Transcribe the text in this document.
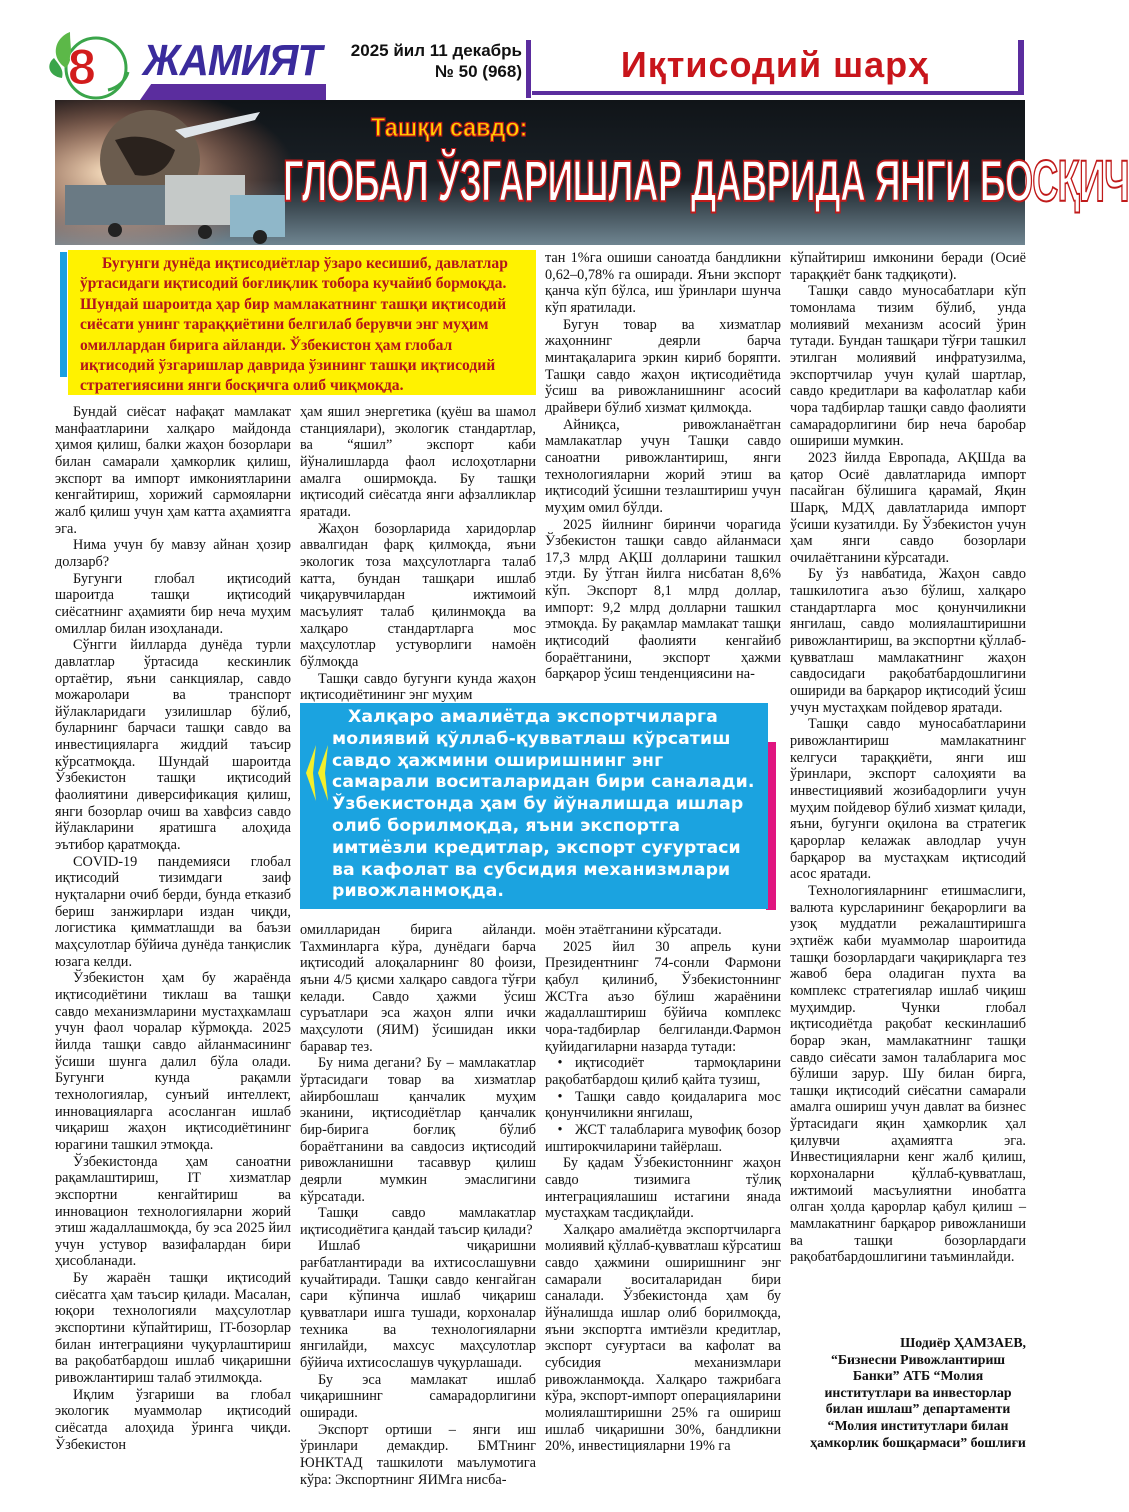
8 ЖАМИЯТ	2025 йил 11 декабрь
№ 50 (968)	Иқтисодий шарҳ
Ташқи савдо:
ГЛОБАЛ ЎЗГАРИШЛАР ДАВРИДА ЯНГИ БОСҚИЧ
Бугунги дунёда иқтисодиётлар ўзаро кесишиб, давлатлар ўртасидаги иқтисодий боғлиқлик тобора кучайиб бормоқда. Шундай шароитда ҳар бир мамлакатнинг ташқи иқтисодий сиёсати унинг тараққиётини белгилаб берувчи энг муҳим омиллардан бирига айланди. Ўзбекистон ҳам глобал иқтисодий ўзгаришлар даврида ўзининг ташқи иқтисодий стратегиясини янги босқичга олиб чиқмоқда.

Бундай сиёсат нафақат мамлакат манфаатларини халқаро майдонда ҳимоя қилиш, балки жаҳон бозорлари билан самарали ҳамкорлик қилиш, экспорт ва импорт имкониятларини кенгайтириш, хорижий сармояларни жалб қилиш учун ҳам катта аҳамиятга эга.

Нима учун бу мавзу айнан ҳозир долзарб?

Бугунги глобал иқтисодий шароитда ташқи иқтисодий сиёсатнинг аҳамияти бир неча муҳим омиллар билан изоҳланади.

Сўнгги йилларда дунёда турли давлатлар ўртасида кескинлик ортаётир, яъни санкциялар, савдо можаролари ва транспорт йўлакларидаги узилишлар бўлиб, буларнинг барчаси ташқи савдо ва инвестицияларга жиддий таъсир кўрсатмоқда. Шундай шароитда Ўзбекистон ташқи иқтисодий фаолиятини диверсификация қилиш, янги бозорлар очиш ва хавфсиз савдо йўлакларини яратишга алоҳида эътибор қаратмоқда.

COVID-19 пандемияси глобал иқтисодий тизимдаги заиф нуқталарни очиб берди, бунда етказиб бериш занжирлари издан чиқди, логистика қимматлашди ва баъзи маҳсулотлар бўйича дунёда танқислик юзага келди.

Ўзбекистон ҳам бу жараёнда иқтисодиётини тиклаш ва ташқи савдо механизмларини мустаҳкамлаш учун фаол чоралар кўрмоқда. 2025 йилда ташқи савдо айланмасининг ўсиши шунга далил бўла олади. Бугунги кунда рақамли технологиялар, сунъий интеллект, инновацияларга асосланган ишлаб чиқариш жаҳон иқтисодиётининг юрагини ташкил этмоқда.

Ўзбекистонда ҳам саноатни рақамлаштириш, IT хизматлар экспортни кенгайтириш ва инновацион технологияларни жорий этиш жадаллашмоқда, бу эса 2025 йил учун устувор вазифалардан бири ҳисобланади.

Бу жараён ташқи иқтисодий сиёсатга ҳам таъсир қилади. Масалан, юқори технологияли маҳсулотлар экспортини кўпайтириш, IT-бозорлар билан интеграцияни чуқурлаштириш ва рақобатбардош ишлаб чиқаришни ривожлантириш талаб этилмоқда.

Иқлим ўзгариши ва глобал экологик муаммолар иқтисодий сиёсатда алоҳида ўринга чиқди. Ўзбекистон

ҳам яшил энергетика (қуёш ва шамол станциялари), экологик стандартлар, ва “яшил” экспорт каби йўналишларда фаол ислоҳотларни амалга оширмоқда. Бу ташқи иқтисодий сиёсатда янги афзалликлар яратади.

Жаҳон бозорларида харидорлар аввалгидан фарқ қилмоқда, яъни экологик тоза маҳсулотларга талаб катта, бундан ташқари ишлаб чиқарувчилардан ижтимоий масъулият талаб қилинмоқда ва халқаро стандартларга мос маҳсулотлар устуворлиги намоён бўлмоқда

Ташқи савдо бугунги кунда жаҳон иқтисодиётининг энг муҳим

омилларидан бирига айланди. Тахминларга кўра, дунёдаги барча иқтисодий алоқаларнинг 80 фоизи, яъни 4/5 қисми халқаро савдога тўғри келади. Савдо ҳажми ўсиш суръатлари эса жаҳон ялпи ички маҳсулоти (ЯИМ) ўсишидан икки баравар тез.

Бу нима дегани? Бу – мамлакатлар ўртасидаги товар ва хизматлар айирбошлаш қанчалик муҳим эканини, иқтисодиётлар қанчалик бир-бирига боғлиқ бўлиб бораётганини ва савдосиз иқтисодий ривожланишни тасаввур қилиш деярли мумкин эмаслигини кўрсатади.

Ташқи савдо мамлакатлар иқтисодиётига қандай таъсир қилади?

Ишлаб чиқаришни рағбатлантиради ва ихтисослашувни кучайтиради. Ташқи савдо кенгайган сари кўпинча ишлаб чиқариш қувватлари ишга тушади, корхоналар техника ва технологияларни янгилайди, махсус маҳсулотлар бўйича ихтисослашув чуқурлашади.

Бу эса мамлакат ишлаб чиқаришнинг самарадорлигини оширади.

Экспорт ортиши – янги иш ўринлари демакдир. БМТнинг ЮНКТАД ташкилоти маълумотига кўра: Экспортнинг ЯИМга нисба-

тан 1%га ошиши саноатда бандликни 0,62–0,78% га оширади. Яъни экспорт қанча кўп бўлса, иш ўринлари шунча кўп яратилади.

Бугун товар ва хизматлар жаҳоннинг деярли барча минтақаларига эркин кириб боряпти. Ташқи савдо жаҳон иқтисодиётида ўсиш ва ривожланишнинг асосий драйвери бўлиб хизмат қилмоқда.

Айниқса, ривожланаётган мамлакатлар учун Ташқи савдо саноатни ривожлантириш, янги технологияларни жорий этиш ва иқтисодий ўсишни тезлаштириш учун муҳим омил бўлди.

2025 йилнинг биринчи чорагида Ўзбекистон ташқи савдо айланмаси 17,3 млрд АҚШ долларини ташкил этди. Бу ўтган йилга нисбатан 8,6% кўп. Экспорт 8,1 млрд доллар, импорт: 9,2 млрд долларни ташкил этмоқда. Бу рақамлар мамлакат ташқи иқтисодий фаолияти кенгайиб бораётганини, экспорт ҳажми барқарор ўсиш тенденциясини на-

моён этаётганини кўрсатади.

2025 йил 30 апрель куни Президентнинг 74-сонли Фармони қабул қилиниб, Ўзбекистоннинг ЖСТга аъзо бўлиш жараёнини жадаллаштириш бўйича комплекс чора-тадбирлар белгиланди.Фармон қуйидагиларни назарда тутади:

• иқтисодиёт тармоқларини рақобатбардош қилиб қайта тузиш,

• Ташқи савдо қоидаларига мос қонунчиликни янгилаш,

• ЖСТ талабларига мувофиқ бозор иштирокчиларини тайёрлаш.

Бу қадам Ўзбекистоннинг жаҳон савдо тизимига тўлиқ интеграциялашиш истагини янада мустаҳкам тасдиқлайди.

Халқаро амалиётда экспортчиларга молиявий қўллаб-қувватлаш кўрсатиш савдо ҳажмини оширишнинг энг самарали воситаларидан бири саналади. Ўзбекистонда ҳам бу йўналишда ишлар олиб борилмоқда, яъни экспортга имтиёзли кредитлар, экспорт суғуртаси ва кафолат ва субсидия механизмлари ривожланмоқда. Халқаро тажрибага кўра, экспорт-импорт операцияларини молиялаштиришни 25% га ошириш ишлаб чиқаришни 30%, бандликни 20%, инвестицияларни 19% га

кўпайтириш имконини беради (Осиё тараққиёт банк тадқиқоти).

Ташқи савдо муносабатлари кўп томонлама тизим бўлиб, унда молиявий механизм асосий ўрин тутади. Бундан ташқари тўғри ташкил этилган молиявий инфратузилма, экспортчилар учун қулай шартлар, савдо кредитлари ва кафолатлар каби чора тадбирлар ташқи савдо фаолияти самарадорлигини бир неча баробар ошириши мумкин.

2023 йилда Европада, АҚШда ва қатор Осиё давлатларида импорт пасайган бўлишига қарамай, Яқин Шарқ, МДҲ давлатларида импорт ўсиши кузатилди. Бу Ўзбекистон учун ҳам янги савдо бозорлари очилаётганини кўрсатади.

Бу ўз навбатида, Жаҳон савдо ташкилотига аъзо бўлиш, халқаро стандартларга мос қонунчиликни янгилаш, савдо молиялаштиришни ривожлантириш, ва экспортни қўллаб-қувватлаш мамлакатнинг жаҳон савдосидаги рақобатбардошлигини ошириди ва барқарор иқтисодий ўсиш учун мустаҳкам пойдевор яратади.

Ташқи савдо муносабатларини ривожлантириш мамлакатнинг келгуси тараққиёти, янги иш ўринлари, экспорт салоҳияти ва инвестициявий жозибадорлиги учун муҳим пойдевор бўлиб хизмат қилади, яъни, бугунги оқилона ва стратегик қарорлар келажак авлодлар учун барқарор ва мустаҳкам иқтисодий асос яратади.

Технологияларнинг етишмаслиги, валюта курсларининг беқарорлиги ва узоқ муддатли режалаштиришга эҳтиёж каби муаммолар шароитида ташқи бозорлардаги чақириқларга тез жавоб бера оладиган пухта ва комплекс стратегиялар ишлаб чиқиш муҳимдир. Чунки глобал иқтисодиётда рақобат кескинлашиб борар экан, мамлакатнинг ташқи савдо сиёсати замон талабларига мос бўлиши зарур. Шу билан бирга, ташқи иқтисодий сиёсатни самарали амалга ошириш учун давлат ва бизнес ўртасидаги яқин ҳамкорлик ҳал қилувчи аҳамиятга эга. Инвестицияларни кенг жалб қилиш, корхоналарни қўллаб-қувватлаш, ижтимоий масъулиятни инобатга олган ҳолда қарорлар қабул қилиш – мамлакатнинг барқарор ривожланиши ва ташқи бозорлардаги рақобатбардошлигини таъминлайди.

Халқаро амалиётда экспортчиларга молиявий қўллаб-қувватлаш кўрсатиш савдо ҳажмини оширишнинг энг самарали воситаларидан бири саналади. Ўзбекистонда ҳам бу йўналишда ишлар олиб борилмоқда, яъни экспортга имтиёзли кредитлар, экспорт суғуртаси ва кафолат ва субсидия механизмлари ривожланмоқда.
Шодиёр ҲАМЗАЕВ,
“Бизнесни Ривожлантириш Банки” АТБ “Молия институтлари ва инвесторлар билан ишлаш” департаменти “Молия институтлари билан ҳамкорлик бошқармаси” бошлиғи
